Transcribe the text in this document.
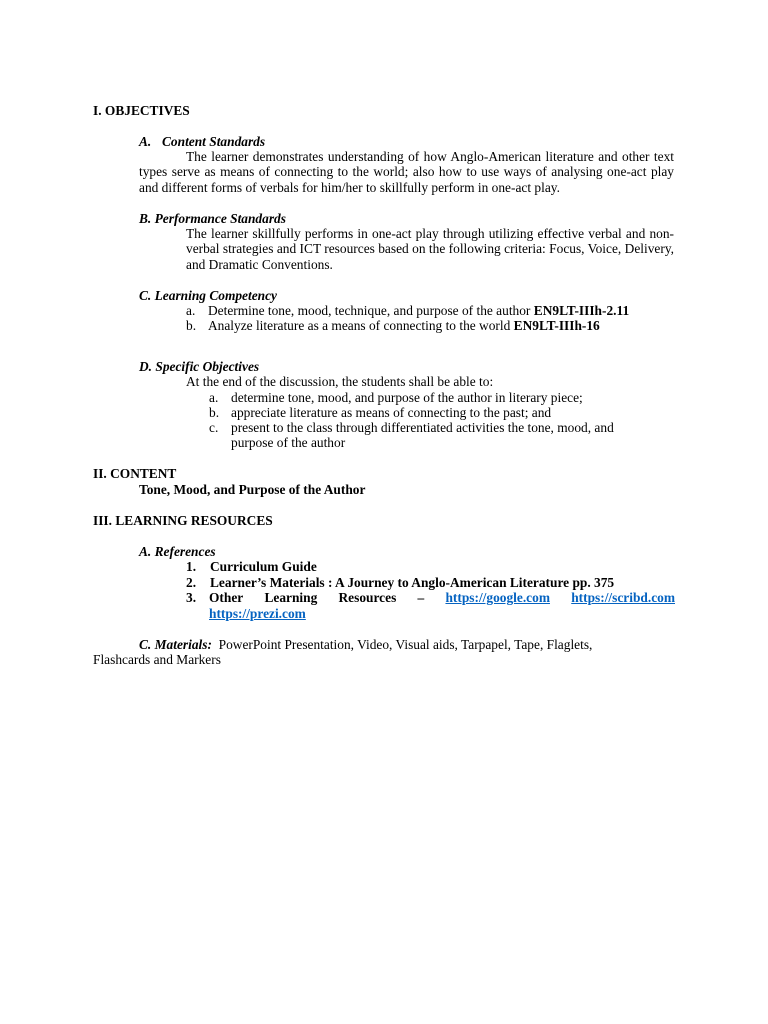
I. OBJECTIVES
A. Content Standards
The learner demonstrates understanding of how Anglo-American literature and other text types serve as means of connecting to the world; also how to use ways of analysing one-act play and different forms of verbals for him/her to skillfully perform in one-act play.
B. Performance Standards
The learner skillfully performs in one-act play through utilizing effective verbal and non-verbal strategies and ICT resources based on the following criteria: Focus, Voice, Delivery, and Dramatic Conventions.
C. Learning Competency
a. Determine tone, mood, technique, and purpose of the author EN9LT-IIIh-2.11
b. Analyze literature as a means of connecting to the world EN9LT-IIIh-16
D. Specific Objectives
At the end of the discussion, the students shall be able to:
a. determine tone, mood, and purpose of the author in literary piece;
b. appreciate literature as means of connecting to the past; and
c. present to the class through differentiated activities the tone, mood, and
purpose of the author
II. CONTENT
Tone, Mood, and Purpose of the Author
III. LEARNING RESOURCES
A. References
1. Curriculum Guide
2. Learner’s Materials : A Journey to Anglo-American Literature pp. 375
3. Other Learning Resources – https://google.com https://scribd.com
https://prezi.com
C. Materials: PowerPoint Presentation, Video, Visual aids, Tarpapel, Tape, Flaglets,
Flashcards and Markers
